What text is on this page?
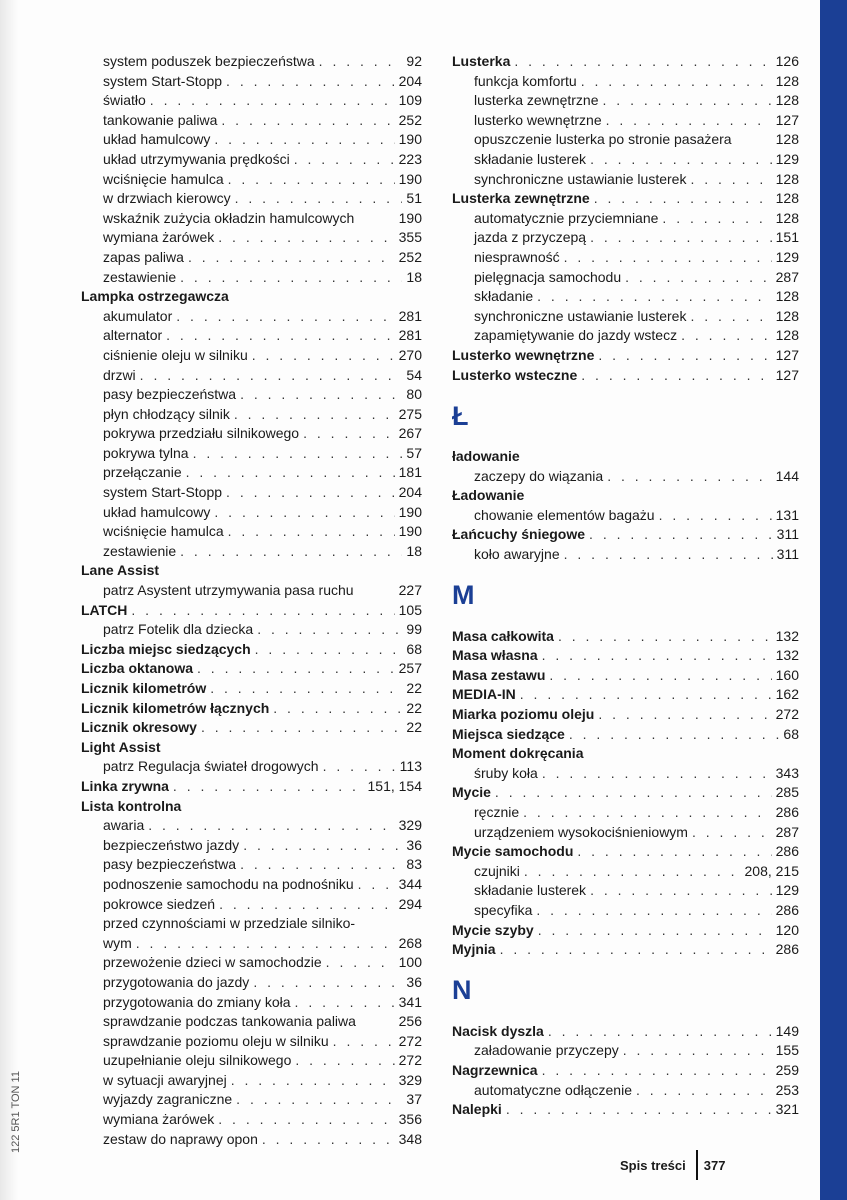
system poduszek bezpieczeństwa . . .	92
system Start-Stopp . . .	204
światło . . .	109
tankowanie paliwa . . .	252
układ hamulcowy . . .	190
układ utrzymywania prędkości . . .	223
wciśnięcie hamulca . . .	190
w drzwiach kierowcy . . .	51
wskaźnik zużycia okładzin hamulcowych	190
wymiana żarówek . . .	355
zapas paliwa . . .	252
zestawienie . . .	18
Lampka ostrzegawcza
akumulator . . .	281
alternator . . .	281
ciśnienie oleju w silniku . . .	270
drzwi . . .	54
pasy bezpieczeństwa . . .	80
płyn chłodzący silnik . . .	275
pokrywa przedziału silnikowego . . .	267
pokrywa tylna . . .	57
przełączanie . . .	181
system Start-Stopp . . .	204
układ hamulcowy . . .	190
wciśnięcie hamulca . . .	190
zestawienie . . .	18
Lane Assist
patrz Asystent utrzymywania pasa ruchu	227
LATCH . . .	105
patrz Fotelik dla dziecka . . .	99
Liczba miejsc siedzących . . .	68
Liczba oktanowa . . .	257
Licznik kilometrów . . .	22
Licznik kilometrów łącznych . . .	22
Licznik okresowy . . .	22
Light Assist
patrz Regulacja świateł drogowych . . .	113
Linka zrywna . . .	151, 154
Lista kontrolna
awaria . . .	329
bezpieczeństwo jazdy . . .	36
pasy bezpieczeństwa . . .	83
podnoszenie samochodu na podnośniku . . .	344
pokrowce siedzeń . . .	294
przed czynnościami w przedziale silniko-
wym . . .	268
przewożenie dzieci w samochodzie . . .	100
przygotowania do jazdy . . .	36
przygotowania do zmiany koła . . .	341
sprawdzanie podczas tankowania paliwa	256
sprawdzanie poziomu oleju w silniku . . .	272
uzupełnianie oleju silnikowego . . .	272
w sytuacji awaryjnej . . .	329
wyjazdy zagraniczne . . .	37
wymiana żarówek . . .	356
zestaw do naprawy opon . . .	348
Lusterka . . .	126
funkcja komfortu . . .	128
lusterka zewnętrzne . . .	128
lusterko wewnętrzne . . .	127
opuszczenie lusterka po stronie pasażera	128
składanie lusterek . . .	129
synchroniczne ustawianie lusterek . . .	128
Lusterka zewnętrzne . . .	128
automatycznie przyciemniane . . .	128
jazda z przyczepą . . .	151
niesprawność . . .	129
pielęgnacja samochodu . . .	287
składanie . . .	128
synchroniczne ustawianie lusterek . . .	128
zapamiętywanie do jazdy wstecz . . .	128
Lusterko wewnętrzne . . .	127
Lusterko wsteczne . . .	127
Ł
ładowanie
zaczepy do wiązania . . .	144
Ładowanie
chowanie elementów bagażu . . .	131
Łańcuchy śniegowe . . .	311
koło awaryjne . . .	311
M
Masa całkowita . . .	132
Masa własna . . .	132
Masa zestawu . . .	160
MEDIA-IN . . .	162
Miarka poziomu oleju . . .	272
Miejsca siedzące . . .	68
Moment dokręcania
śruby koła . . .	343
Mycie . . .	285
ręcznie . . .	286
urządzeniem wysokociśnieniowym . . .	287
Mycie samochodu . . .	286
czujniki . . .	208, 215
składanie lusterek . . .	129
specyfika . . .	286
Mycie szyby . . .	120
Myjnia . . .	286
N
Nacisk dyszla . . .	149
załadowanie przyczepy . . .	155
Nagrzewnica . . .	259
automatyczne odłączenie . . .	253
Nalepki . . .	321
122 5R1 TON 11
Spis treści 377
